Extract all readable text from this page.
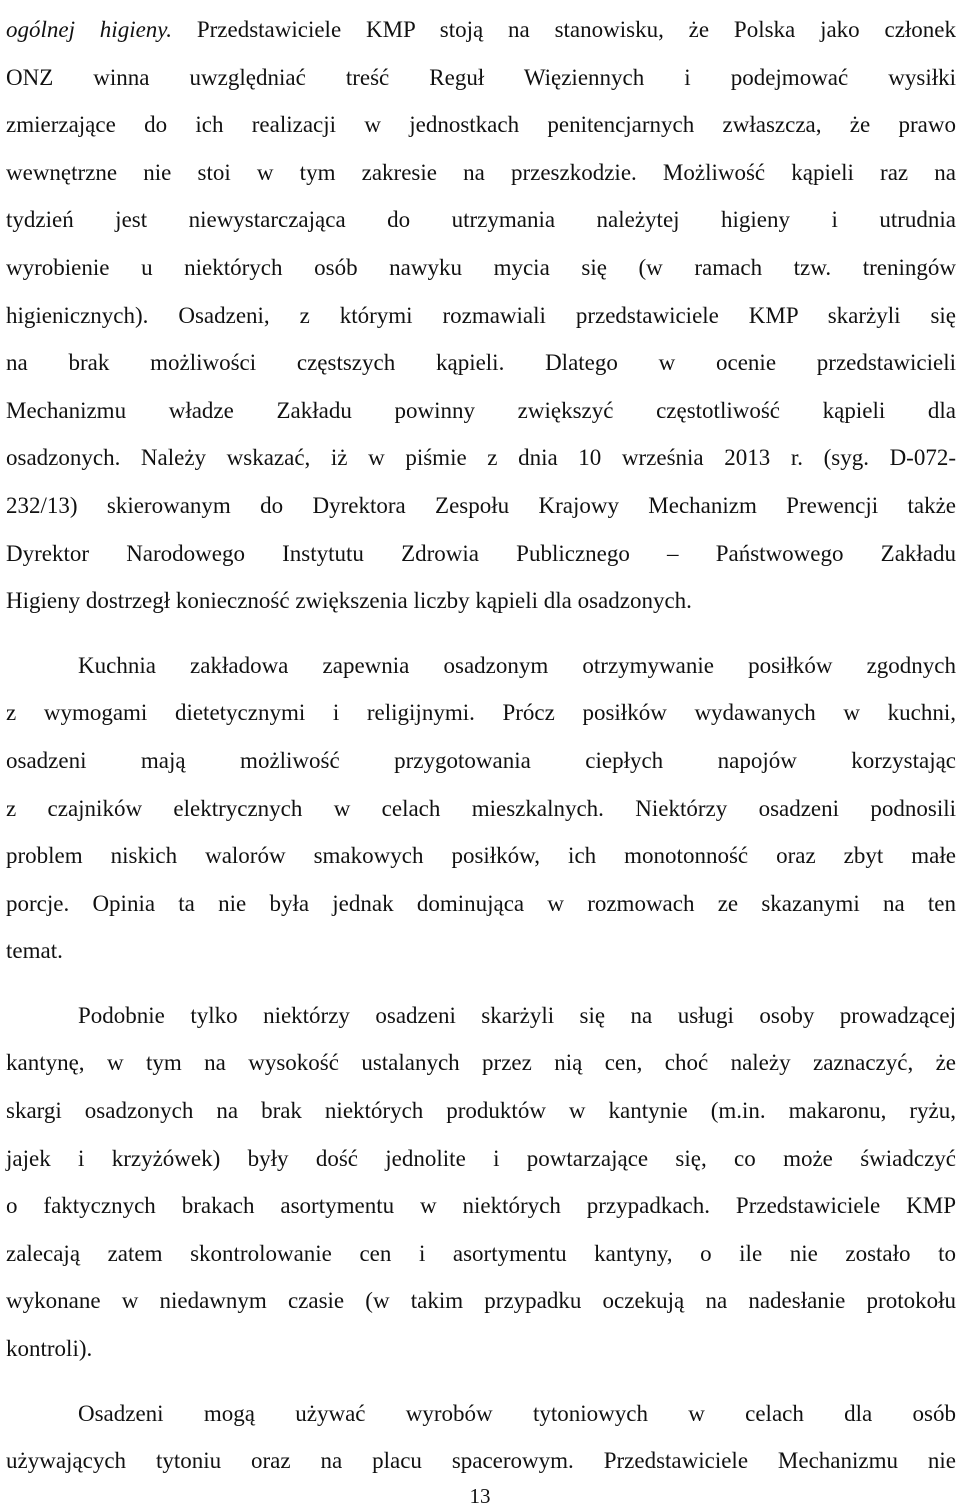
ogólnej higieny. Przedstawiciele KMP stoją na stanowisku, że Polska jako członek
ONZ winna uwzględniać treść Reguł Więziennych i podejmować wysiłki
zmierzające do ich realizacji w jednostkach penitencjarnych zwłaszcza, że prawo
wewnętrzne nie stoi w tym zakresie na przeszkodzie. Możliwość kąpieli raz na
tydzień jest niewystarczająca do utrzymania należytej higieny i utrudnia
wyrobienie u niektórych osób nawyku mycia się (w ramach tzw. treningów
higienicznych). Osadzeni, z którymi rozmawiali przedstawiciele KMP skarżyli się
na brak możliwości częstszych kąpieli. Dlatego w ocenie przedstawicieli
Mechanizmu władze Zakładu powinny zwiększyć częstotliwość kąpieli dla
osadzonych. Należy wskazać, iż w piśmie z dnia 10 września 2013 r. (syg. D-072-
232/13) skierowanym do Dyrektora Zespołu Krajowy Mechanizm Prewencji także
Dyrektor Narodowego Instytutu Zdrowia Publicznego – Państwowego Zakładu
Higieny dostrzegł konieczność zwiększenia liczby kąpieli dla osadzonych.
Kuchnia zakładowa zapewnia osadzonym otrzymywanie posiłków zgodnych
z wymogami dietetycznymi i religijnymi. Prócz posiłków wydawanych w kuchni,
osadzeni mają możliwość przygotowania ciepłych napojów korzystając
z czajników elektrycznych w celach mieszkalnych. Niektórzy osadzeni podnosili
problem niskich walorów smakowych posiłków, ich monotonność oraz zbyt małe
porcje. Opinia ta nie była jednak dominująca w rozmowach ze skazanymi na ten
temat.
Podobnie tylko niektórzy osadzeni skarżyli się na usługi osoby prowadzącej
kantynę, w tym na wysokość ustalanych przez nią cen, choć należy zaznaczyć, że
skargi osadzonych na brak niektórych produktów w kantynie (m.in. makaronu, ryżu,
jajek i krzyżówek) były dość jednolite i powtarzające się, co może świadczyć
o faktycznych brakach asortymentu w niektórych przypadkach. Przedstawiciele KMP
zalecają zatem skontrolowanie cen i asortymentu kantyny, o ile nie zostało to
wykonane w niedawnym czasie (w takim przypadku oczekują na nadesłanie protokołu
kontroli).
Osadzeni mogą używać wyrobów tytoniowych w celach dla osób
używających tytoniu oraz na placu spacerowym. Przedstawiciele Mechanizmu nie
13
